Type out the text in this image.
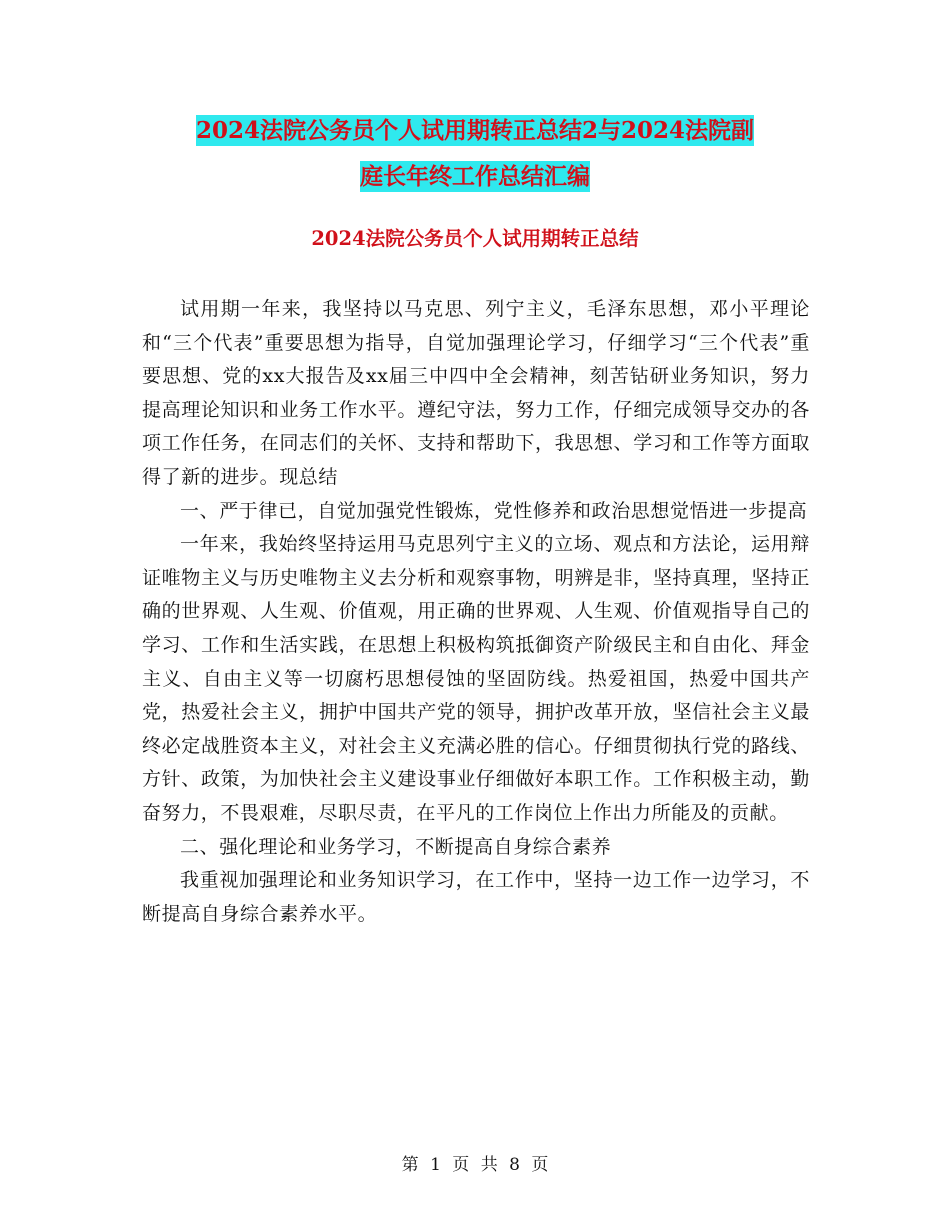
2024法院公务员个人试用期转正总结2与2024法院副
庭长年终工作总结汇编
2024法院公务员个人试用期转正总结

试用期一年来，我坚持以马克思、列宁主义，毛泽东思想，邓小平理论和“三个代表”重要思想为指导，自觉加强理论学习，仔细学习“三个代表”重要思想、党的xx大报告及xx届三中四中全会精神，刻苦钻研业务知识，努力提高理论知识和业务工作水平。遵纪守法，努力工作，仔细完成领导交办的各项工作任务，在同志们的关怀、支持和帮助下，我思想、学习和工作等方面取得了新的进步。现总结

一、严于律已，自觉加强党性锻炼，党性修养和政治思想觉悟进一步提高

一年来，我始终坚持运用马克思列宁主义的立场、观点和方法论，运用辩证唯物主义与历史唯物主义去分析和观察事物，明辨是非，坚持真理，坚持正确的世界观、人生观、价值观，用正确的世界观、人生观、价值观指导自己的学习、工作和生活实践，在思想上积极构筑抵御资产阶级民主和自由化、拜金主义、自由主义等一切腐朽思想侵蚀的坚固防线。热爱祖国，热爱中国共产党，热爱社会主义，拥护中国共产党的领导，拥护改革开放，坚信社会主义最终必定战胜资本主义，对社会主义充满必胜的信心。仔细贯彻执行党的路线、方针、政策，为加快社会主义建设事业仔细做好本职工作。工作积极主动，勤奋努力，不畏艰难，尽职尽责，在平凡的工作岗位上作出力所能及的贡献。

二、强化理论和业务学习，不断提高自身综合素养

我重视加强理论和业务知识学习，在工作中，坚持一边工作一边学习，不断提高自身综合素养水平。

第 1 页 共 8 页
